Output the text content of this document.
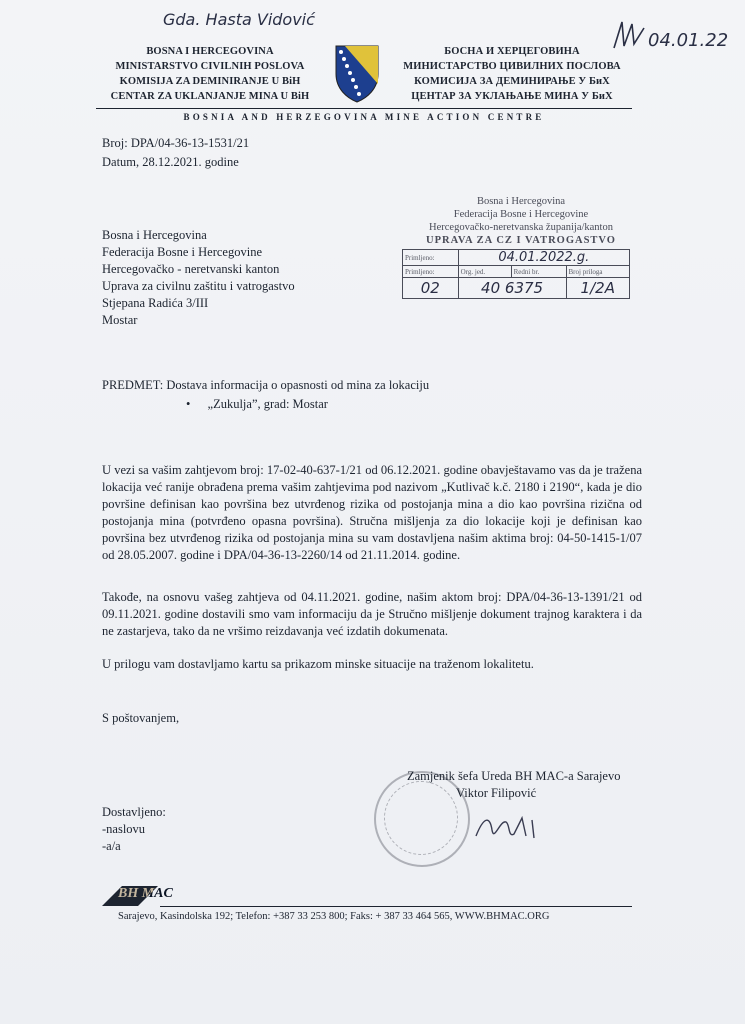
Gda. Hasta Vidović
04.01.22
BOSNA I HERCEGOVINA
MINISTARSTVO CIVILNIH POSLOVA
KOMISIJA ZA DEMINIRANJE U BiH
CENTAR ZA UKLANJANJE MINA U BiH
БОСНА И ХЕРЦЕГОВИНА
МИНИСТАРСТВО ЦИВИЛНИХ ПОСЛОВА
КОМИСИЈА ЗА ДЕМИНИРАЊЕ У БиХ
ЦЕНТАР ЗА УКЛАЊАЊЕ МИНА У БиХ
BOSNIA AND HERZEGOVINA MINE ACTION CENTRE
Broj: DPA/04-36-13-1531/21
Datum, 28.12.2021. godine
Bosna i Hercegovina
Federacija Bosne i Hercegovine
Hercegovačko-neretvanska županija/kanton
UPRAVA ZA CZ I VATROGASTVO
Primljeno:	04.01.2022.g.		
Primljeno:	Org. jed.	Redni br.	Broj priloga
02	40 6375		1/2A
Bosna i Hercegovina
Federacija Bosne i Hercegovine
Hercegovačko - neretvanski kanton
Uprava za civilnu zaštitu i vatrogastvo
Stjepana Radića 3/III
Mostar
PREDMET: Dostava informacija o opasnosti od mina za lokaciju
• „Zukulja”, grad: Mostar
U vezi sa vašim zahtjevom broj: 17-02-40-637-1/21 od 06.12.2021. godine obavještavamo vas da je tražena lokacija već ranije obrađena prema vašim zahtjevima pod nazivom „Kutlivač k.č. 2180 i 2190“, kada je dio površine definisan kao površina bez utvrđenog rizika od postojanja mina a dio kao površina rizična od postojanja mina (potvrđeno opasna površina). Stručna mišljenja za dio lokacije koji je definisan kao površina bez utvrđenog rizika od postojanja mina su vam dostavljena našim aktima broj: 04-50-1415-1/07 od 28.05.2007. godine i DPA/04-36-13-2260/14 od 21.11.2014. godine.
Takođe, na osnovu vašeg zahtjeva od 04.11.2021. godine, našim aktom broj: DPA/04-36-13-1391/21 od 09.11.2021. godine dostavili smo vam informaciju da je Stručno mišljenje dokument trajnog karaktera i da ne zastarjeva, tako da ne vršimo reizdavanja već izdatih dokumenata.
U prilogu vam dostavljamo kartu sa prikazom minske situacije na traženom lokalitetu.
S poštovanjem,
Zamjenik šefa Ureda BH MAC-a Sarajevo
Viktor Filipović
Dostavljeno:
-naslovu
-a/a
BH MAC
Sarajevo, Kasindolska 192; Telefon: +387 33 253 800; Faks: + 387 33 464 565, WWW.BHMAC.ORG
